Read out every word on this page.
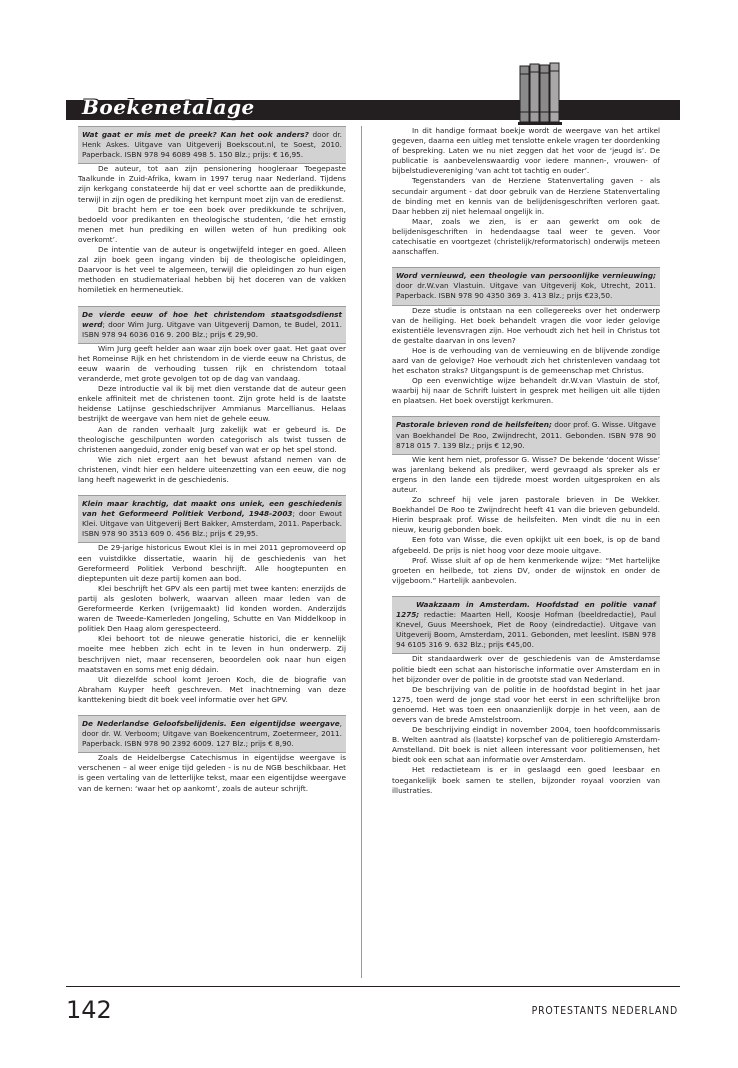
Boekenetalage

Wat gaat er mis met de preek? Kan het ook anders? door dr. Henk Askes. Uitgave van Uitgeverij Boekscout.nl, te Soest, 2010. Paperback. ISBN 978 94 6089 498 5. 150 Blz.; prijs: € 16,95.

De auteur, tot aan zijn pensionering hoogleraar Toegepaste Taalkunde in Zuid-Afrika, kwam in 1997 terug naar Nederland. Tijdens zijn kerkgang constateerde hij dat er veel schortte aan de predikkunde, terwijl in zijn ogen de prediking het kernpunt moet zijn van de eredienst.

Dit bracht hem er toe een boek over predikkunde te schrijven, bedoeld voor predikanten en theologische studenten, ‘die het ernstig menen met hun prediking en willen weten of hun prediking ook overkomt’.

De intentie van de auteur is ongetwijfeld integer en goed. Alleen zal zijn boek geen ingang vinden bij de theologische opleidingen, Daarvoor is het veel te algemeen, terwijl die opleidingen zo hun eigen methoden en studiemateriaal hebben bij het doceren van de vakken homiletiek en hermeneutiek.

De vierde eeuw of hoe het christendom staatsgodsdienst werd; door Wim Jurg. Uitgave van Uitgeverij Damon, te Budel, 2011. ISBN 978 94 6036 016 9. 200 Blz.; prijs € 29,90.

Wim Jurg geeft helder aan waar zijn boek over gaat. Het gaat over het Romeinse Rijk en het christendom in de vierde eeuw na Christus, de eeuw waarin de verhouding tussen rijk en christendom totaal veranderde, met grote gevolgen tot op de dag van vandaag.

Deze introductie val ik bij met dien verstande dat de auteur geen enkele affiniteit met de christenen toont. Zijn grote held is de laatste heidense Latijnse geschiedschrijver Ammianus Marcellianus. Helaas bestrijkt de weergave van hem niet de gehele eeuw.

Aan de randen verhaalt Jurg zakelijk wat er gebeurd is. De theologische geschilpunten worden categorisch als twist tussen de christenen aangeduid, zonder enig besef van wat er op het spel stond.

Wie zich niet ergert aan het bewust afstand nemen van de christenen, vindt hier een heldere uiteenzetting van een eeuw, die nog lang heeft nagewerkt in de geschiedenis.

Klein maar krachtig, dat maakt ons uniek, een geschiedenis van het Geformeerd Politiek Verbond, 1948-2003; door Ewout Klei. Uitgave van Uitgeverij Bert Bakker, Amsterdam, 2011. Paperback. ISBN 978 90 3513 609 0. 456 Blz.; prijs € 29,95.

De 29-jarige historicus Ewout Klei is in mei 2011 gepromoveerd op een vuistdikke dissertatie, waarin hij de geschiedenis van het Gereformeerd Politiek Verbond beschrijft. Alle hoogtepunten en dieptepunten uit deze partij komen aan bod.

Klei beschrijft het GPV als een partij met twee kanten: enerzijds de partij als gesloten bolwerk, waarvan alleen maar leden van de Gereformeerde Kerken (vrijgemaakt) lid konden worden. Anderzijds waren de Tweede-Kamerleden Jongeling, Schutte en Van Middelkoop in politiek Den Haag alom gerespecteerd.

Klei behoort tot de nieuwe generatie historici, die er kennelijk moeite mee hebben zich echt in te leven in hun onderwerp. Zij beschrijven niet, maar recenseren, beoordelen ook naar hun eigen maatstaven en soms met enig dédain.

Uit diezelfde school komt Jeroen Koch, die de biografie van Abraham Kuyper heeft geschreven. Met inachtneming van deze kanttekening biedt dit boek veel informatie over het GPV.

De Nederlandse Geloofsbelijdenis. Een eigentijdse weergave, door dr. W. Verboom; Uitgave van Boekencentrum, Zoetermeer, 2011. Paperback. ISBN 978 90 2392 6009. 127 Blz.; prijs € 8,90.

Zoals de Heidelbergse Catechismus in eigentijdse weergave is verschenen – al weer enige tijd geleden - is nu de NGB beschikbaar. Het is geen vertaling van de letterlijke tekst, maar een eigentijdse weergave van de kernen: ‘waar het op aankomt’, zoals de auteur schrijft.

In dit handige formaat boekje wordt de weergave van het artikel gegeven, daarna een uitleg met tenslotte enkele vragen ter doordenking of bespreking. Laten we nu niet zeggen dat het voor de ‘jeugd is’. De publicatie is aanbevelenswaardig voor iedere mannen-, vrouwen- of bijbelstudievereniging ‘van acht tot tachtig en ouder’.

Tegenstanders van de Herziene Statenvertaling gaven - als secundair argument - dat door gebruik van de Herziene Statenvertaling de binding met en kennis van de belijdenisgeschriften verloren gaat. Daar hebben zij niet helemaal ongelijk in.

Maar, zoals we zien, is er aan gewerkt om ook de belijdenisgeschriften in hedendaagse taal weer te geven. Voor catechisatie en voortgezet (christelijk/reformatorisch) onderwijs meteen aanschaffen.

Word vernieuwd, een theologie van persoonlijke vernieuwing; door dr.W.van Vlastuin. Uitgave van Uitgeverij Kok, Utrecht, 2011. Paperback. ISBN 978 90 4350 369 3. 413 Blz.; prijs €23,50.

Deze studie is ontstaan na een collegereeks over het onderwerp van de heiliging. Het boek behandelt vragen die voor ieder gelovige existentiële levensvragen zijn. Hoe verhoudt zich het heil in Christus tot de gestalte daarvan in ons leven?

Hoe is de verhouding van de vernieuwing en de blijvende zondige aard van de gelovige? Hoe verhoudt zich het christenleven vandaag tot het eschaton straks? Uitgangspunt is de gemeenschap met Christus.

Op een evenwichtige wijze behandelt dr.W.van Vlastuin de stof, waarbij hij naar de Schrift luistert in gesprek met heiligen uit alle tijden en plaatsen. Het boek overstijgt kerkmuren.

Pastorale brieven rond de heilsfeiten; door prof. G. Wisse. Uitgave van Boekhandel De Roo, Zwijndrecht, 2011. Gebonden. ISBN 978 90 8718 015 7. 139 Blz.; prijs € 12,90.

Wie kent hem niet, professor G. Wisse? De bekende ‘docent Wisse’ was jarenlang bekend als prediker, werd gevraagd als spreker als er ergens in den lande een tijdrede moest worden uitgesproken en als auteur.

Zo schreef hij vele jaren pastorale brieven in De Wekker. Boekhandel De Roo te Zwijndrecht heeft 41 van die brieven gebundeld. Hierin bespraak prof. Wisse de heilsfeiten. Men vindt die nu in een nieuw, keurig gebonden boek.

Een foto van Wisse, die even opkijkt uit een boek, is op de band afgebeeld. De prijs is niet hoog voor deze mooie uitgave.

Prof. Wisse sluit af op de hem kenmerkende wijze: “Met hartelijke groeten en heilbede, tot ziens DV, onder de wijnstok en onder de vijgeboom.” Hartelijk aanbevolen.

Waakzaam in Amsterdam. Hoofdstad en politie vanaf 1275; redactie: Maarten Hell, Koosje Hofman (beeldredactie), Paul Knevel, Guus Meershoek, Piet de Rooy (eindredactie). Uitgave van Uitgeverij Boom, Amsterdam, 2011. Gebonden, met leeslint. ISBN 978 94 6105 316 9. 632 Blz.; prijs €45,00.

Dit standaardwerk over de geschiedenis van de Amsterdamse politie biedt een schat aan historische informatie over Amsterdam en in het bijzonder over de politie in de grootste stad van Nederland.

De beschrijving van de politie in de hoofdstad begint in het jaar 1275, toen werd de jonge stad voor het eerst in een schriftelijke bron genoemd. Het was toen een onaanzienlijk dorpje in het veen, aan de oevers van de brede Amstelstroom.

De beschrijving eindigt in november 2004, toen hoofdcommissaris B. Welten aantrad als (laatste) korpschef van de politieregio Amsterdam-Amstelland. Dit boek is niet alleen interessant voor politiemensen, het biedt ook een schat aan informatie over Amsterdam.

Het redactieteam is er in geslaagd een goed leesbaar en toegankelijk boek samen te stellen, bijzonder royaal voorzien van illustraties.

142	PROTESTANTS NEDERLAND
